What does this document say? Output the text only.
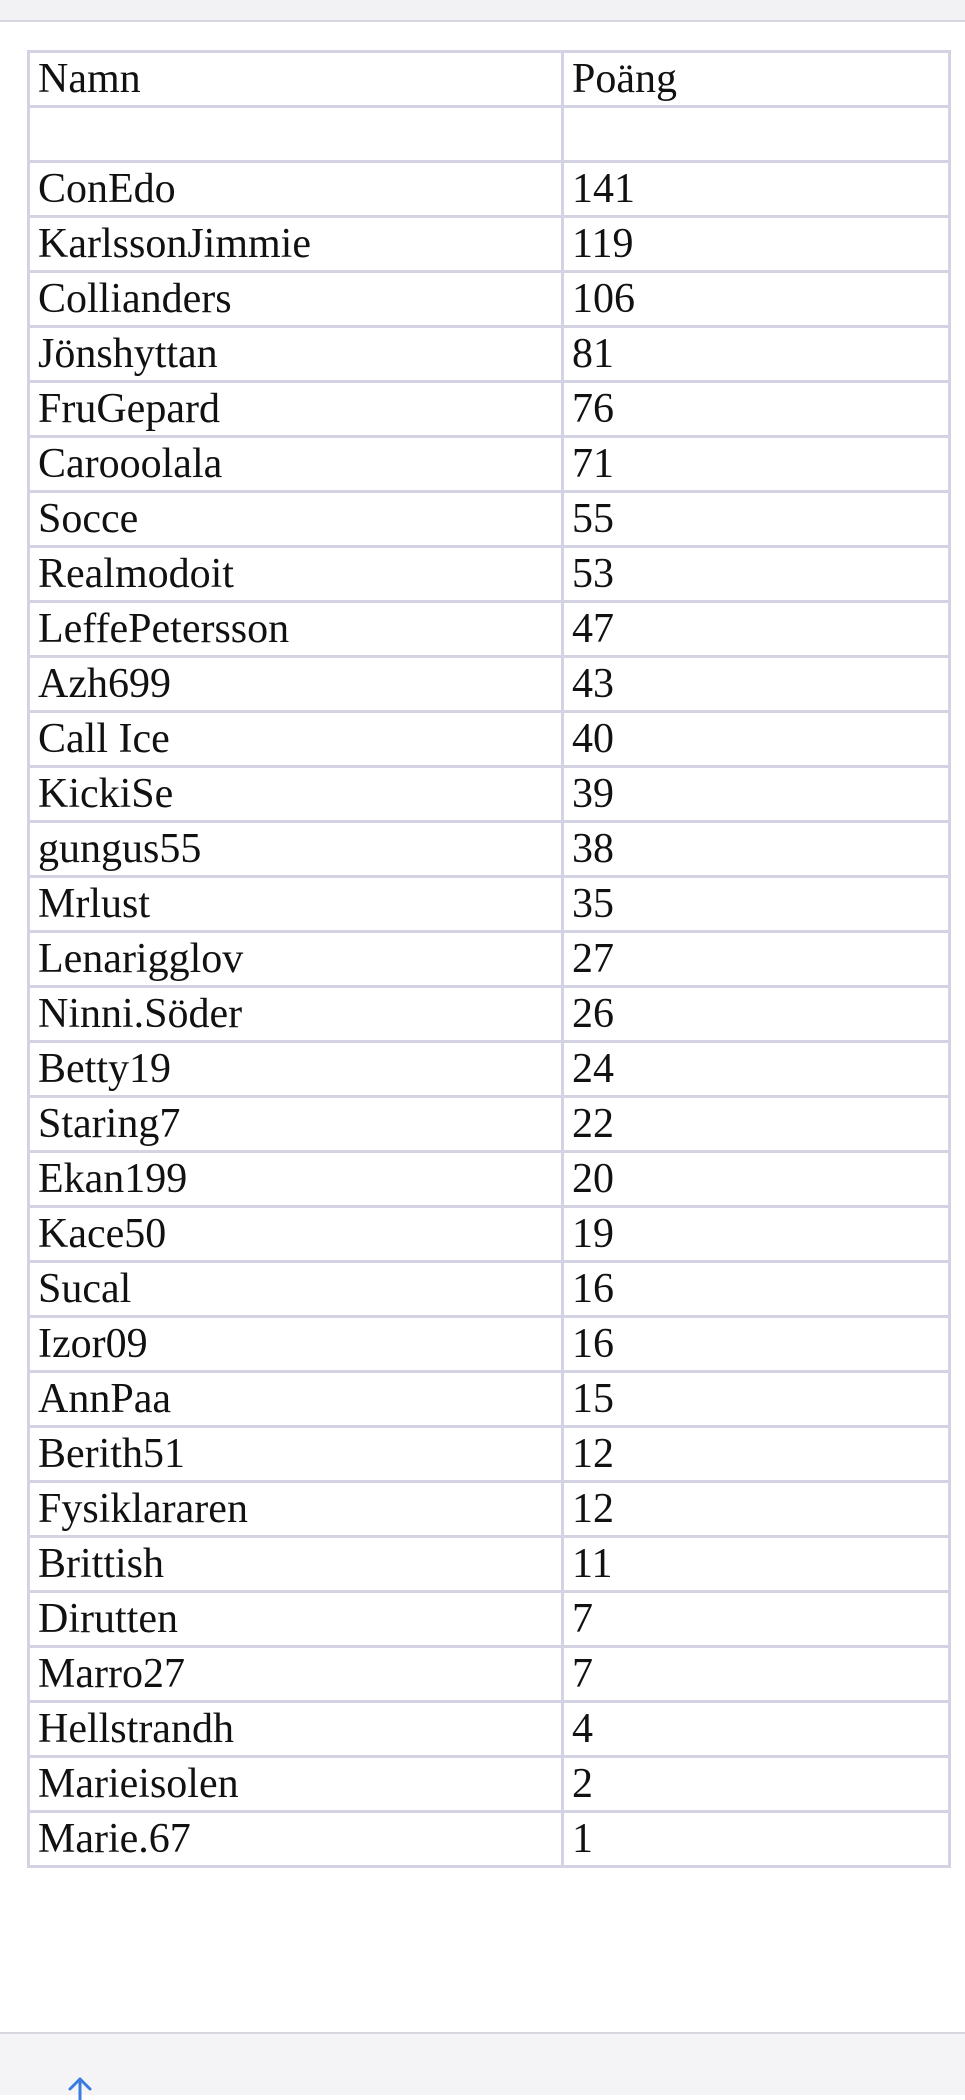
Namn	Poäng

ConEdo	141
KarlssonJimmie	119
Collianders	106
Jönshyttan	81
FruGepard	76
Carooolala	71
Socce	55
Realmodoit	53
LeffePetersson	47
Azh699	43
Call Ice	40
KickiSe	39
gungus55	38
Mrlust	35
Lenarigglov	27
Ninni.Söder	26
Betty19	24
Staring7	22
Ekan199	20
Kace50	19
Sucal	16
Izor09	16
AnnPaa	15
Berith51	12
Fysiklararen	12
Brittish	11
Dirutten	7
Marro27	7
Hellstrandh	4
Marieisolen	2
Marie.67	1
